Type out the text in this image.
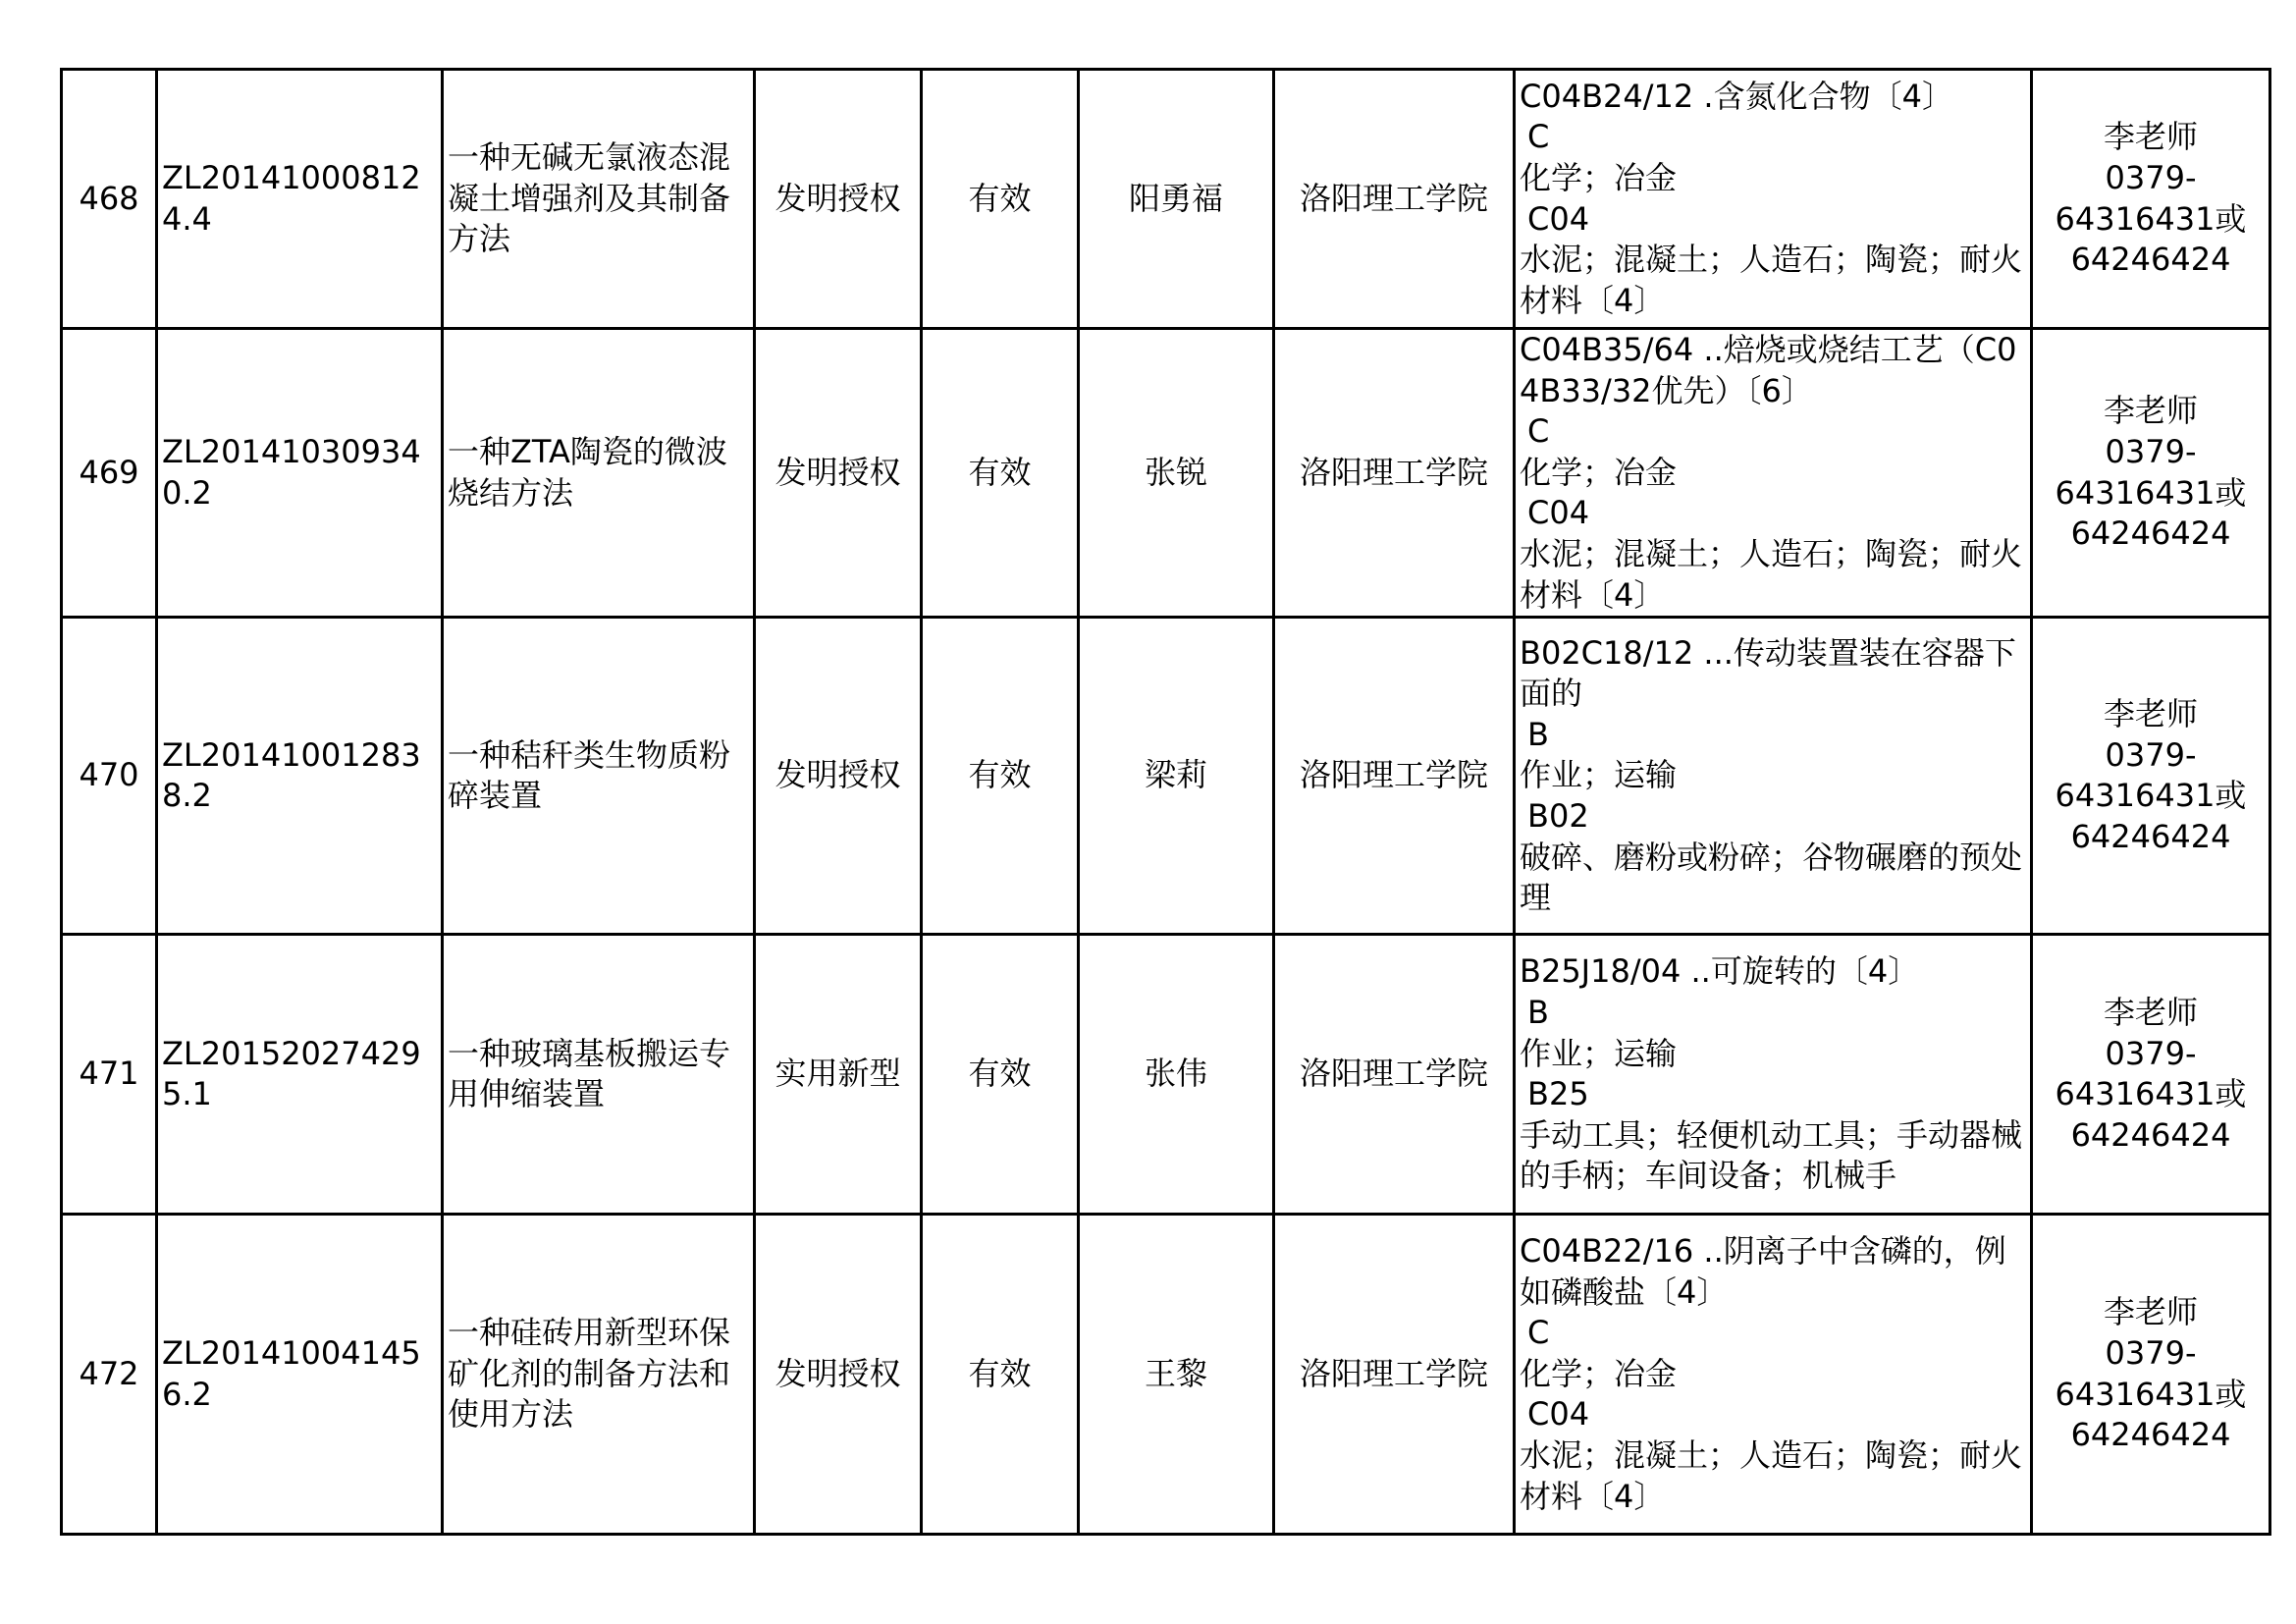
468	ZL201410008124.4	一种无碱无氯液态混凝土增强剂及其制备方法	发明授权	有效	阳勇福	洛阳理工学院	C04B24/12 .含氮化合物〔4〕
C
化学；冶金
C04
水泥；混凝土；人造石；陶瓷；耐火材料〔4〕	李老师
0379-
64316431或
64246424

469	ZL201410309340.2	一种ZTA陶瓷的微波烧结方法	发明授权	有效	张锐	洛阳理工学院	C04B35/64 ..焙烧或烧结工艺（C04B33/32优先）〔6〕
C
化学；冶金
C04
水泥；混凝土；人造石；陶瓷；耐火材料〔4〕	李老师
0379-
64316431或
64246424

470	ZL201410012838.2	一种秸秆类生物质粉碎装置	发明授权	有效	梁莉	洛阳理工学院	B02C18/12 ...传动装置装在容器下面的
B
作业；运输
B02
破碎、磨粉或粉碎；谷物碾磨的预处理	李老师
0379-
64316431或
64246424

471	ZL201520274295.1	一种玻璃基板搬运专用伸缩装置	实用新型	有效	张伟	洛阳理工学院	B25J18/04 ..可旋转的〔4〕
B
作业；运输
B25
手动工具；轻便机动工具；手动器械的手柄；车间设备；机械手	李老师
0379-
64316431或
64246424

472	ZL201410041456.2	一种硅砖用新型环保矿化剂的制备方法和使用方法	发明授权	有效	王黎	洛阳理工学院	C04B22/16 ..阴离子中含磷的，例如磷酸盐〔4〕
C
化学；冶金
C04
水泥；混凝土；人造石；陶瓷；耐火材料〔4〕	李老师
0379-
64316431或
64246424
